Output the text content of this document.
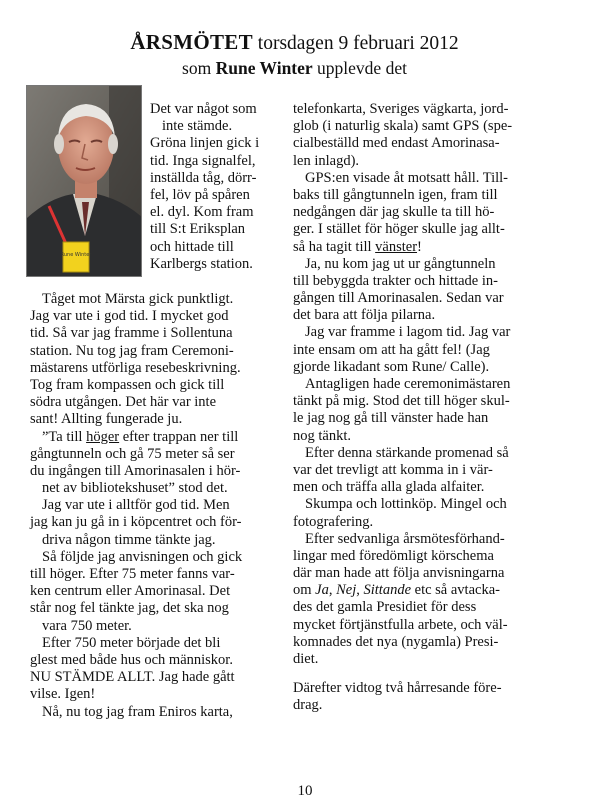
ÅRSMÖTET torsdagen 9 februari 2012
som Rune Winter upplevde det
Rune Winter
Det var något som
inte stämde.
Gröna linjen gick i
tid. Inga signalfel,
inställda tåg, dörr-
fel, löv på spåren
el. dyl. Kom fram
till S:t Eriksplan
och hittade till
Karlbergs station.
Tåget mot Märsta gick punktligt.
Jag var ute i god tid. I mycket god
tid. Så var jag framme i Sollentuna
station. Nu tog jag fram Ceremoni-
mästarens utförliga resebeskrivning.
Tog fram kompassen och gick till
södra utgången. Det här var inte
sant! Allting fungerade ju.
”Ta till höger efter trappan ner till
gångtunneln och gå 75 meter så ser
du ingången till Amorinasalen i hör-
net av bibliotekshuset” stod det.
Jag var ute i alltför god tid. Men
jag kan ju gå in i köpcentret och för-
driva någon timme tänkte jag.
Så följde jag anvisningen och gick
till höger. Efter 75 meter fanns var-
ken centrum eller Amorinasal. Det
står nog fel tänkte jag, det ska nog
vara 750 meter.
Efter 750 meter började det bli
glest med både hus och människor.
NU STÄMDE ALLT. Jag hade gått
vilse. Igen!
Nå, nu tog jag fram Eniros karta,
telefonkarta, Sveriges vägkarta, jord-
glob (i naturlig skala) samt GPS (spe-
cialbeställd med endast Amorinasa-
len inlagd).
GPS:en visade åt motsatt håll. Till-
baks till gångtunneln igen, fram till
nedgången där jag skulle ta till hö-
ger. I stället för höger skulle jag allt-
så ha tagit till vänster!
Ja, nu kom jag ut ur gångtunneln
till bebyggda trakter och hittade in-
gången till Amorinasalen. Sedan var
det bara att följa pilarna.
Jag var framme i lagom tid. Jag var
inte ensam om att ha gått fel! (Jag
gjorde likadant som Rune/ Calle).
Antagligen hade ceremonimästaren
tänkt på mig. Stod det till höger skul-
le jag nog gå till vänster hade han
nog tänkt.
Efter denna stärkande promenad så
var det trevligt att komma in i vär-
men och träffa alla glada alfaiter.
Skumpa och lottinköp. Mingel och
fotografering.
Efter sedvanliga årsmötesförhand-
lingar med föredömligt körschema
där man hade att följa anvisningarna
om Ja, Nej, Sittande etc så avtacka-
des det gamla Presidiet för dess
mycket förtjänstfulla arbete, och väl-
komnades det nya (nygamla) Presi-
diet.
Därefter vidtog två hårresande före-
drag.
10
